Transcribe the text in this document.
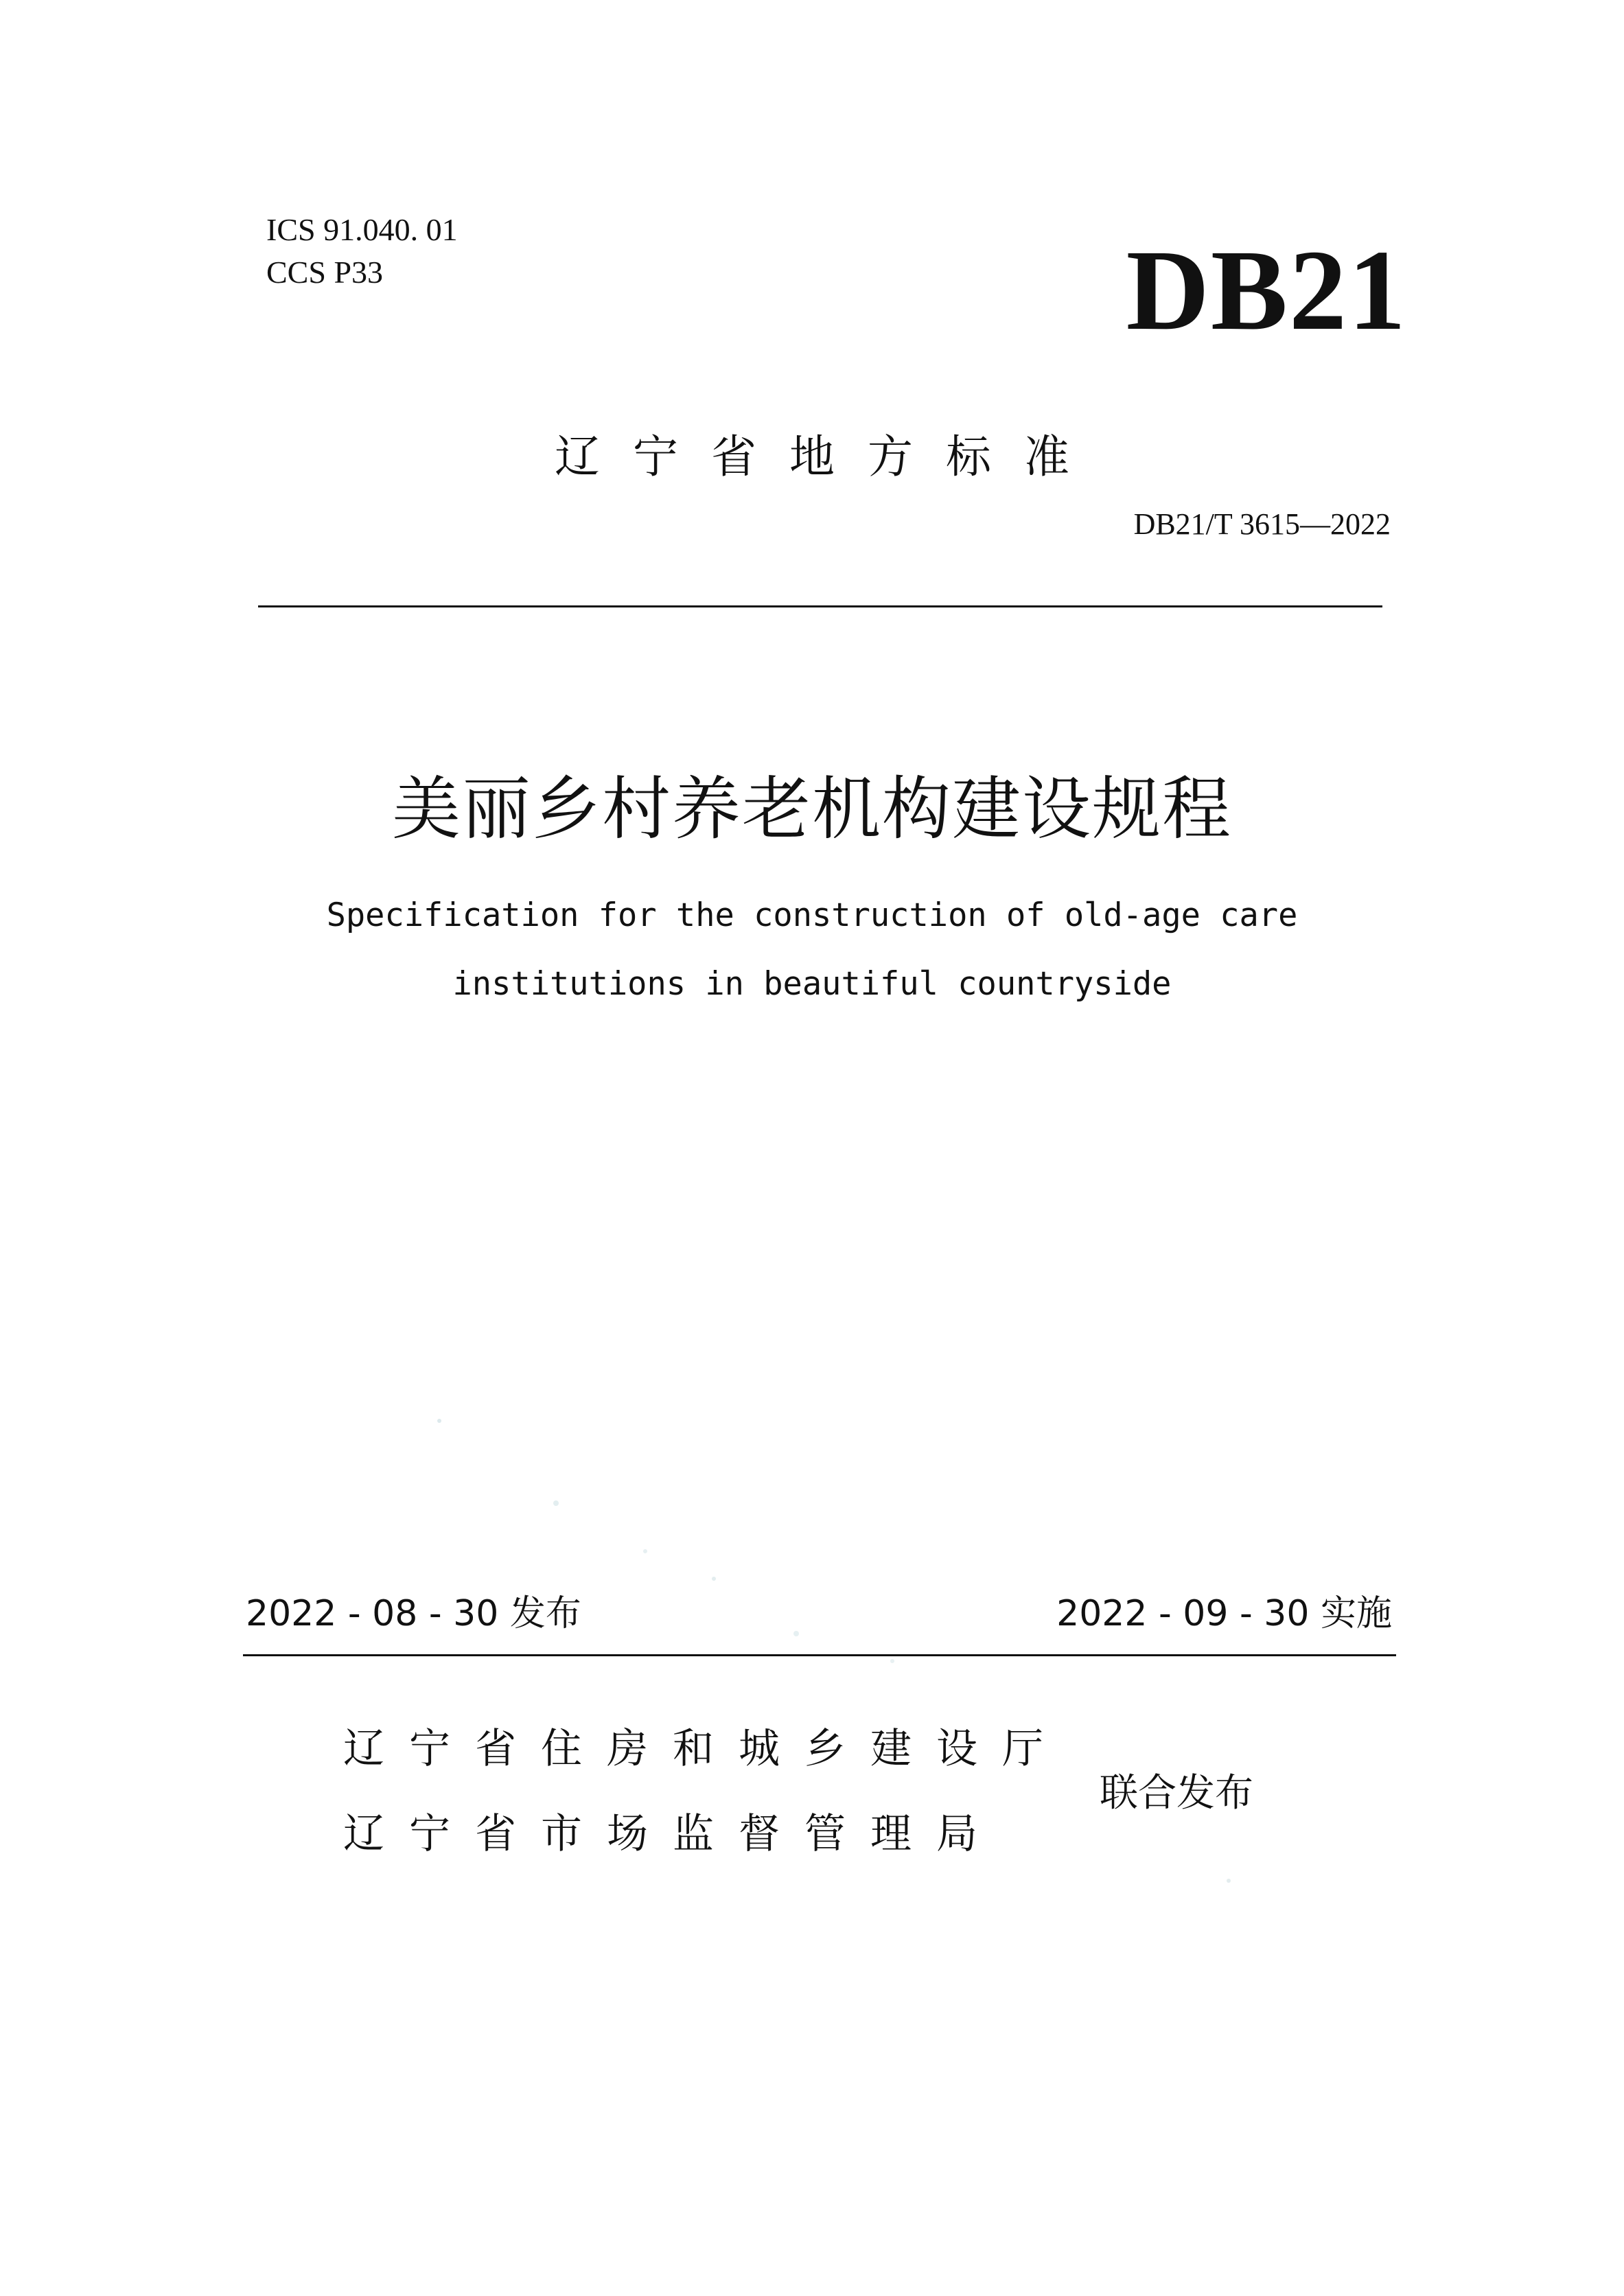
ICS 91.040. 01
CCS P33	DB21
辽宁省地方标准
DB21/T 3615—2022
美丽乡村养老机构建设规程
Specification for the construction of old-age care
institutions in beautiful countryside
2022 - 08 - 30 发布	2022 - 09 - 30 实施
辽宁省住房和城乡建设厅
辽宁省市场监督管理局
联合发布
